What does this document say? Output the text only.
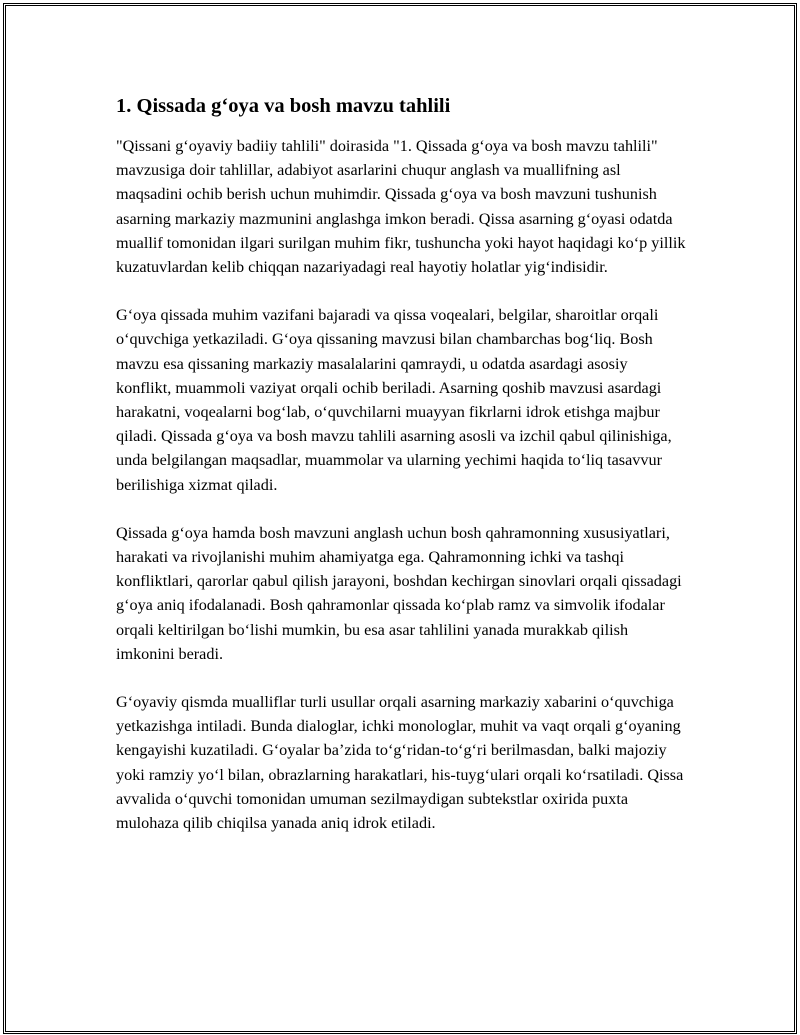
1. Qissada g‘oya va bosh mavzu tahlili

"Qissani g‘oyaviy badiiy tahlili" doirasida "1. Qissada g‘oya va bosh mavzu tahlili" mavzusiga doir tahlillar, adabiyot asarlarini chuqur anglash va muallifning asl maqsadini ochib berish uchun muhimdir. Qissada g‘oya va bosh mavzuni tushunish asarning markaziy mazmunini anglashga imkon beradi. Qissa asarning g‘oyasi odatda muallif tomonidan ilgari surilgan muhim fikr, tushuncha yoki hayot haqidagi ko‘p yillik kuzatuvlardan kelib chiqqan nazariyadagi real hayotiy holatlar yig‘indisidir.

G‘oya qissada muhim vazifani bajaradi va qissa voqealari, belgilar, sharoitlar orqali o‘quvchiga yetkaziladi. G‘oya qissaning mavzusi bilan chambarchas bog‘liq. Bosh mavzu esa qissaning markaziy masalalarini qamraydi, u odatda asardagi asosiy konflikt, muammoli vaziyat orqali ochib beriladi. Asarning qoshib mavzusi asardagi harakatni, voqealarni bog‘lab, o‘quvchilarni muayyan fikrlarni idrok etishga majbur qiladi. Qissada g‘oya va bosh mavzu tahlili asarning asosli va izchil qabul qilinishiga, unda belgilangan maqsadlar, muammolar va ularning yechimi haqida to‘liq tasavvur berilishiga xizmat qiladi.

Qissada g‘oya hamda bosh mavzuni anglash uchun bosh qahramonning xususiyatlari, harakati va rivojlanishi muhim ahamiyatga ega. Qahramonning ichki va tashqi konfliktlari, qarorlar qabul qilish jarayoni, boshdan kechirgan sinovlari orqali qissadagi g‘oya aniq ifodalanadi. Bosh qahramonlar qissada ko‘plab ramz va simvolik ifodalar orqali keltirilgan bo‘lishi mumkin, bu esa asar tahlilini yanada murakkab qilish imkonini beradi.

G‘oyaviy qismda mualliflar turli usullar orqali asarning markaziy xabarini o‘quvchiga yetkazishga intiladi. Bunda dialoglar, ichki monologlar, muhit va vaqt orqali g‘oyaning kengayishi kuzatiladi. G‘oyalar ba’zida to‘g‘ridan-to‘g‘ri berilmasdan, balki majoziy yoki ramziy yo‘l bilan, obrazlarning harakatlari, his-tuyg‘ulari orqali ko‘rsatiladi. Qissa avvalida o‘quvchi tomonidan umuman sezilmaydigan subtekstlar oxirida puxta mulohaza qilib chiqilsa yanada aniq idrok etiladi.
